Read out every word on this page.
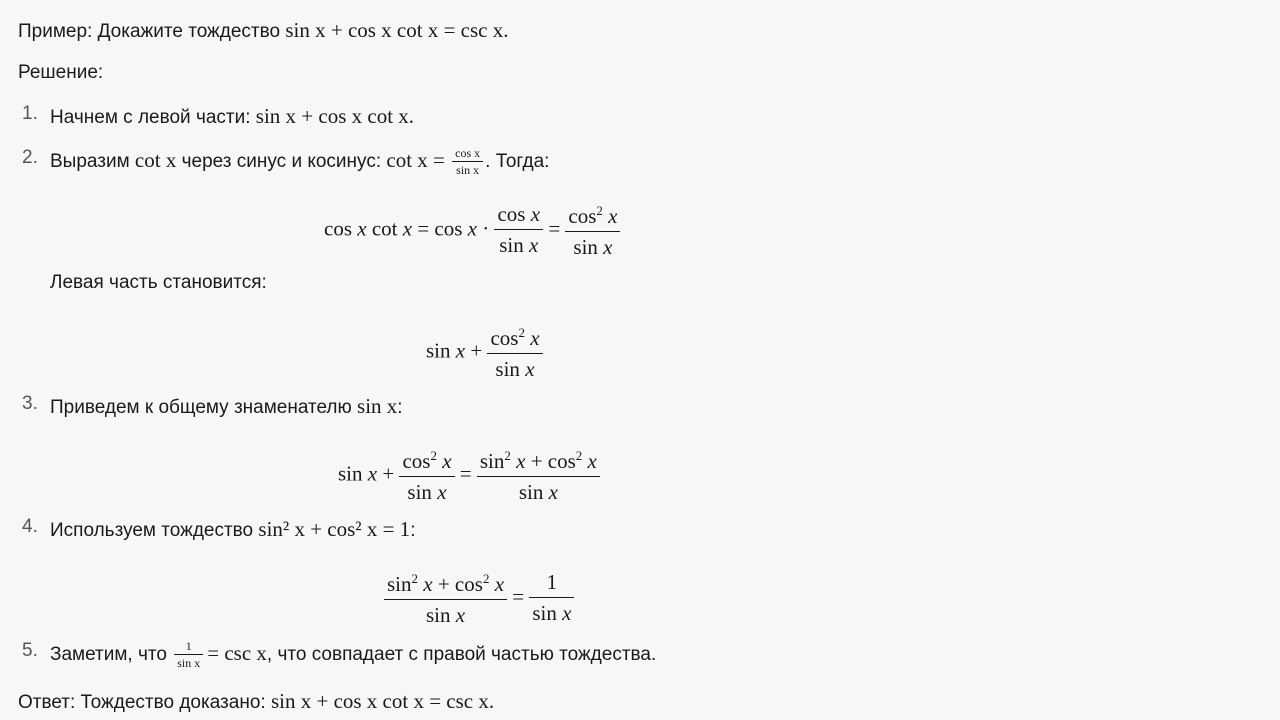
Пример: Докажите тождество sin x + cos x cot x = csc x.
Решение:
1. Начнем с левой части: sin x + cos x cot x.
2. Выразим cot x через синус и косинус: $\cot x = \frac{\text{cos x}}{\text{sin x}}$ . Тогда:
cos x $\cot x = \cos x \cdot \frac{\text{cos x}}{\text{sin x}} = \frac{\cos^2 x}{\text{sin x}}$
Левая часть становится:
$\sin x + \frac{\cos^2 x}{\text{sin x}}$
3. Приведем к общему знаменателю sin x:
$\sin x + \frac{\cos^2 x}{\text{sin x}} = \frac{\sin^2 x + \cos^2 x}{\text{sin x}}$
4. Используем тождество sin² x + cos² x = 1:
$\frac{\sin^2 x + \cos^2 x}{\text{sin x}} = \frac{1}{\text{sin x}}$
5. Заметим, что $\frac{1}{\text{sin x}} = \csc x$, что совпадает с правой частью тождества.
Ответ: Тождество доказано: sin x + cos x cot x = csc x.
